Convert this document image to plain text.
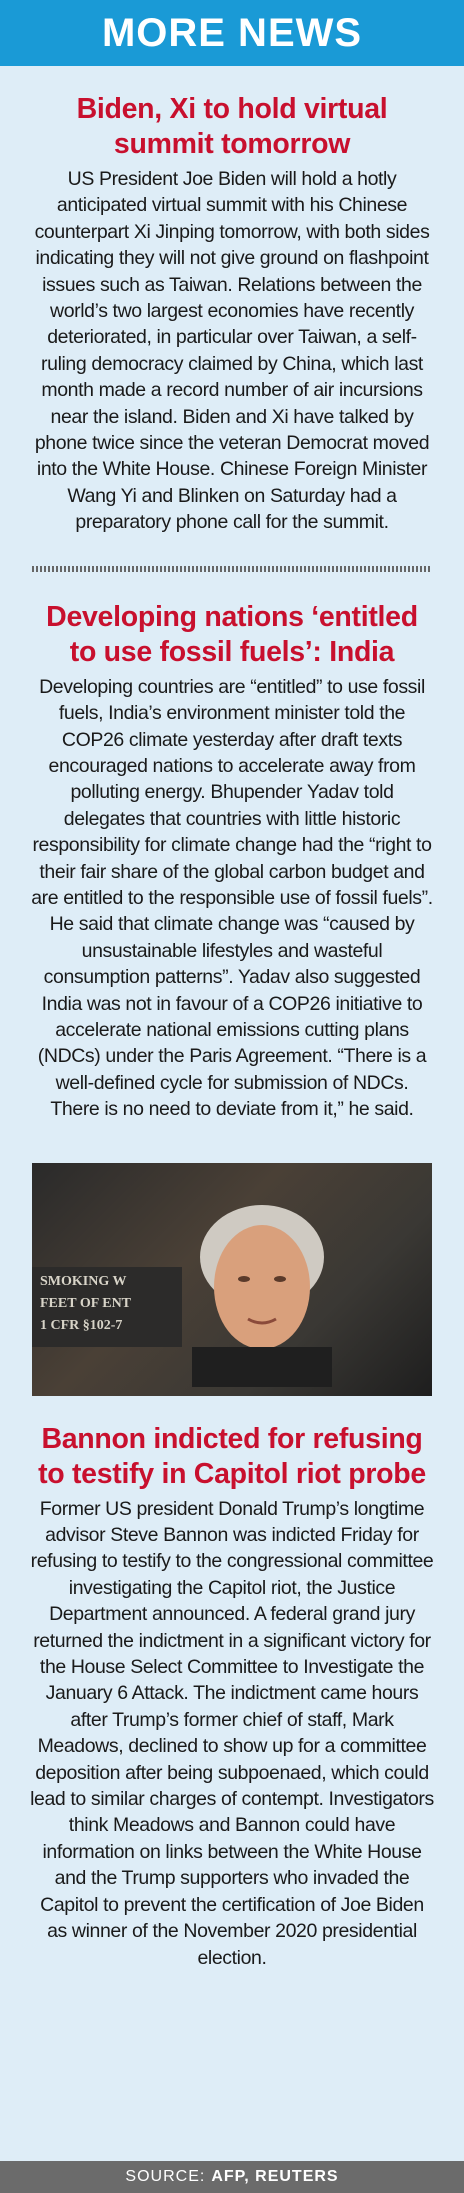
MORE NEWS
Biden, Xi to hold virtual summit tomorrow

US President Joe Biden will hold a hotly anticipated virtual summit with his Chinese counterpart Xi Jinping tomorrow, with both sides indicating they will not give ground on flashpoint issues such as Taiwan. Relations between the world’s two largest economies have recently deteriorated, in particular over Taiwan, a self-ruling democracy claimed by China, which last month made a record number of air incursions near the island. Biden and Xi have talked by phone twice since the veteran Democrat moved into the White House. Chinese Foreign Minister Wang Yi and Blinken on Saturday had a preparatory phone call for the summit.

Developing nations ‘entitled to use fossil fuels’: India

Developing countries are “entitled” to use fossil fuels, India’s environment minister told the COP26 climate yesterday after draft texts encouraged nations to accelerate away from polluting energy. Bhupender Yadav told delegates that countries with little historic responsibility for climate change had the “right to their fair share of the global carbon budget and are entitled to the responsible use of fossil fuels”. He said that climate change was “caused by unsustainable lifestyles and wasteful consumption patterns”. Yadav also suggested India was not in favour of a COP26 initiative to accelerate national emissions cutting plans (NDCs) under the Paris Agreement. “There is a well-defined cycle for submission of NDCs. There is no need to deviate from it,” he said.

SMOKING W
FEET OF ENT
1 CFR §102-7
Bannon indicted for refusing to testify in Capitol riot probe

Former US president Donald Trump’s longtime advisor Steve Bannon was indicted Friday for refusing to testify to the congressional committee investigating the Capitol riot, the Justice Department announced. A federal grand jury returned the indictment in a significant victory for the House Select Committee to Investigate the January 6 Attack. The indictment came hours after Trump’s former chief of staff, Mark Meadows, declined to show up for a committee deposition after being subpoenaed, which could lead to similar charges of contempt. Investigators think Meadows and Bannon could have information on links between the White House and the Trump supporters who invaded the Capitol to prevent the certification of Joe Biden as winner of the November 2020 presidential election.

SOURCE: AFP, REUTERS
